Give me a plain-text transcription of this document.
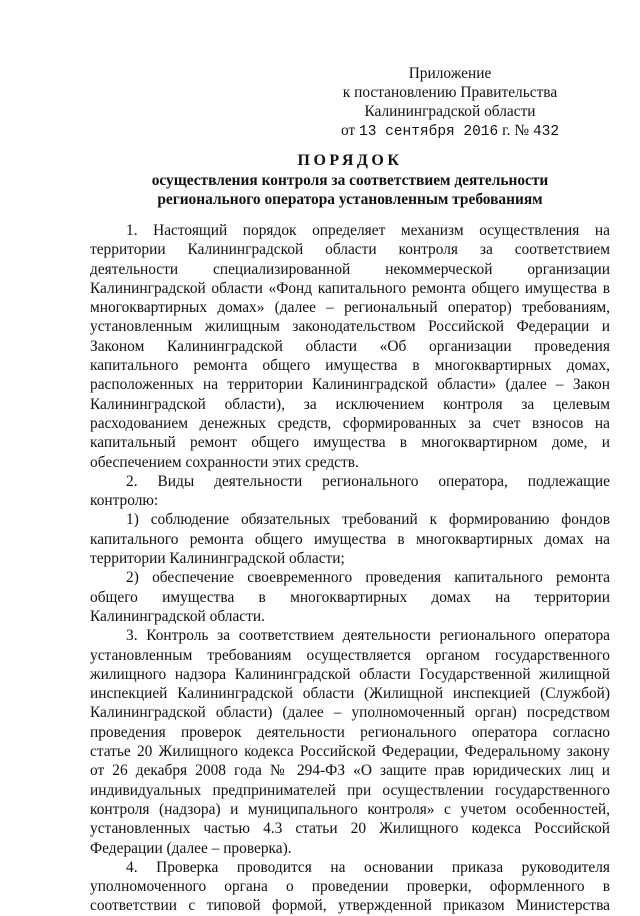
Приложение
к постановлению Правительства
Калининградской области
от 13 сентября 2016 г. № 432
ПОРЯДОК
осуществления контроля за соответствием деятельности
регионального оператора установленным требованиям
1. Настоящий порядок определяет механизм осуществления на
территории Калининградской области контроля за соответствием
деятельности специализированной некоммерческой организации
Калининградской области «Фонд капитального ремонта общего имущества в
многоквартирных домах» (далее – региональный оператор) требованиям,
установленным жилищным законодательством Российской Федерации и
Законом Калининградской области «Об организации проведения
капитального ремонта общего имущества в многоквартирных домах,
расположенных на территории Калининградской области» (далее – Закон
Калининградской области), за исключением контроля за целевым
расходованием денежных средств, сформированных за счет взносов на
капитальный ремонт общего имущества в многоквартирном доме, и
обеспечением сохранности этих средств.
2. Виды деятельности регионального оператора, подлежащие
контролю:
1) соблюдение обязательных требований к формированию фондов
капитального ремонта общего имущества в многоквартирных домах на
территории Калининградской области;
2) обеспечение своевременного проведения капитального ремонта
общего имущества в многоквартирных домах на территории
Калининградской области.
3. Контроль за соответствием деятельности регионального оператора
установленным требованиям осуществляется органом государственного
жилищного надзора Калининградской области Государственной жилищной
инспекцией Калининградской области (Жилищной инспекцией (Службой)
Калининградской области) (далее – уполномоченный орган) посредством
проведения проверок деятельности регионального оператора согласно
статье 20 Жилищного кодекса Российской Федерации, Федеральному закону
от 26 декабря 2008 года № 294-ФЗ «О защите прав юридических лиц и
индивидуальных предпринимателей при осуществлении государственного
контроля (надзора) и муниципального контроля» с учетом особенностей,
установленных частью 4.3 статьи 20 Жилищного кодекса Российской
Федерации (далее – проверка).
4. Проверка проводится на основании приказа руководителя
уполномоченного органа о проведении проверки, оформленного в
соответствии с типовой формой, утвержденной приказом Министерства
